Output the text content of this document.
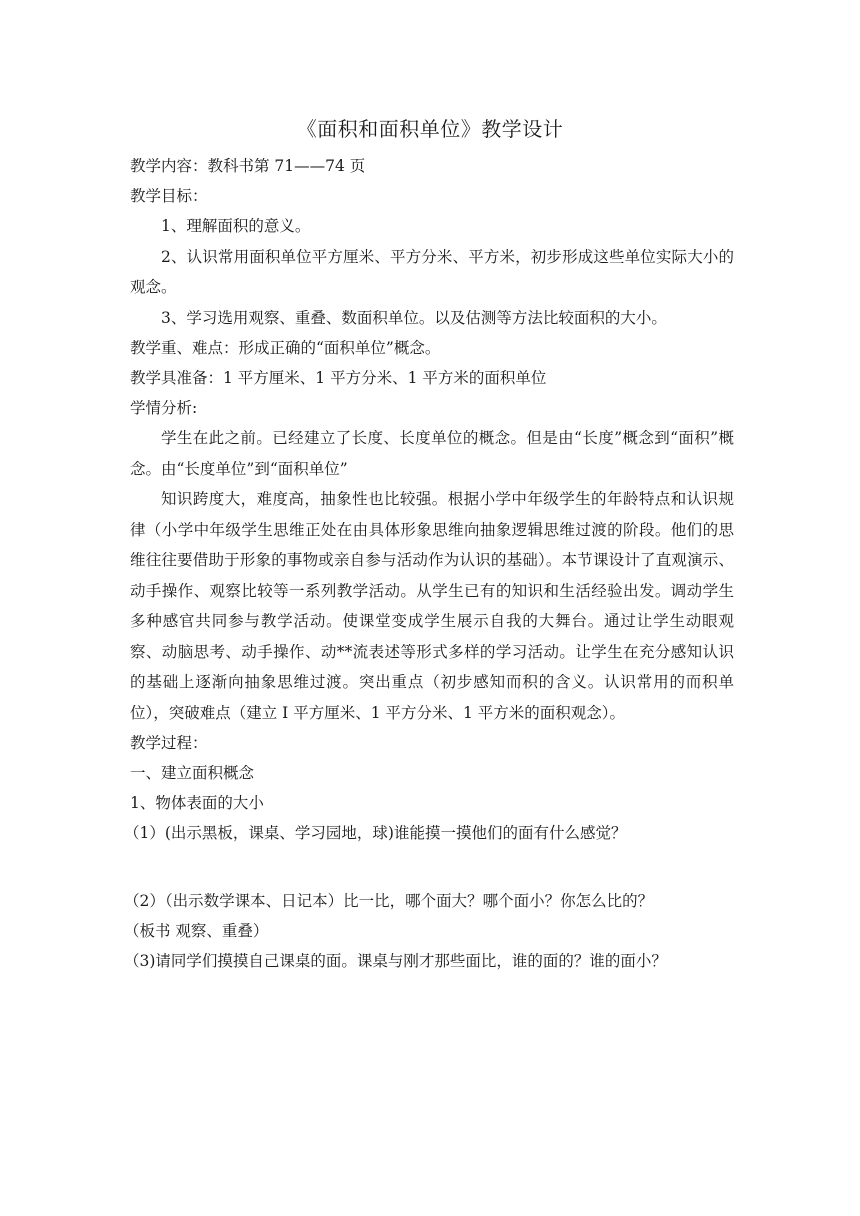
《面积和面积单位》教学设计

教学内容：教科书第 71——74 页

教学目标：

1、理解面积的意义。

2、认识常用面积单位平方厘米、平方分米、平方米，初步形成这些单位实际大小的观念。

3、学习选用观察、重叠、数面积单位。以及估测等方法比较面积的大小。

教学重、难点：形成正确的“面积单位”概念。

教学具准备：1 平方厘米、1 平方分米、1 平方米的面积单位

学情分析:

学生在此之前。已经建立了长度、长度单位的概念。但是由“长度”概念到“面积”概念。由“长度单位”到“面积单位”

知识跨度大，难度高，抽象性也比较强。根据小学中年级学生的年龄特点和认识规律（小学中年级学生思维正处在由具体形象思维向抽象逻辑思维过渡的阶段。他们的思维往往要借助于形象的事物或亲自参与活动作为认识的基础）。本节课设计了直观演示、动手操作、观察比较等一系列教学活动。从学生已有的知识和生活经验出发。调动学生多种感官共同参与教学活动。使课堂变成学生展示自我的大舞台。通过让学生动眼观察、动脑思考、动手操作、动**流表述等形式多样的学习活动。让学生在充分感知认识的基础上逐渐向抽象思维过渡。突出重点（初步感知而积的含义。认识常用的而积单位），突破难点（建立 I 平方厘米、1 平方分米、1 平方米的面积观念）。

教学过程：

一、建立面积概念

1、物体表面的大小

（1）(出示黑板，课桌、学习园地，球)谁能摸一摸他们的面有什么感觉？

（2）（出示数学课本、日记本）比一比，哪个面大？哪个面小？你怎么比的？

（板书 观察、重叠）

（3)请同学们摸摸自己课桌的面。课桌与刚才那些面比，谁的面的？谁的面小？
